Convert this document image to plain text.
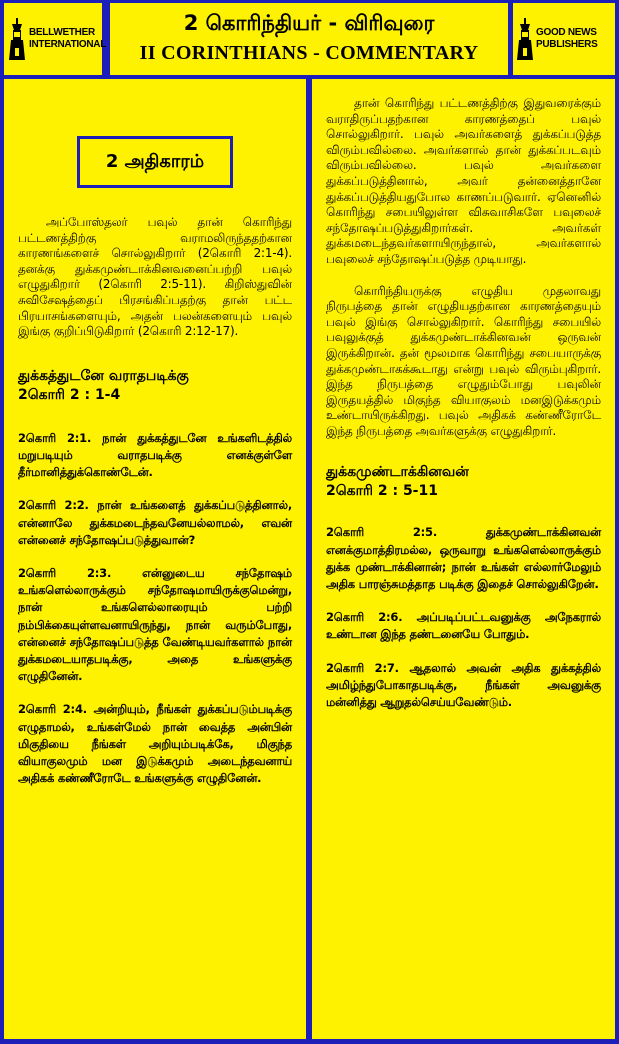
BELLWETHER
INTERNATIONAL
2 கொரிந்தியர் - விரிவுரை
II CORINTHIANS - COMMENTARY
GOOD NEWS
PUBLISHERS
2 அதிகாரம்

அப்போஸ்தலர் பவுல் தான் கொரிந்து பட்டணத்திற்கு வராமலிருந்ததற்கான காரணங்களைச் சொல்லுகிறார் (2கொரி 2:1-4). தனக்கு துக்கமுண்டாக்கினவனைப்பற்றி பவுல் எழுதுகிறார் (2கொரி 2:5-11). கிறிஸ்துவின் சுவிசேஷத்தைப் பிரசங்கிப்பதற்கு தான் பட்ட பிரயாசங்களையும், அதன் பலன்களையும் பவுல் இங்கு குறிப்பிடுகிறார் (2கொரி 2:12-17).

துக்கத்துடனே வராதபடிக்கு

2கொரி 2 : 1-4

2கொரி 2:1. நான் துக்கத்துடனே உங்களிடத்தில் மறுபடியும் வராதபடிக்கு எனக்குள்ளே தீர்மானித்துக்கொண்டேன்.

2கொரி 2:2. நான் உங்களைத் துக்கப்படுத்தினால், என்னாலே துக்கமடைந்தவனேயல்லாமல், எவன் என்னைச் சந்தோஷப்படுத்துவான்?

2கொரி 2:3. என்னுடைய சந்தோஷம் உங்களெல்லாருக்கும் சந்தோஷமாயிருக்குமென்று, நான் உங்களெல்லாரையும் பற்றி நம்பிக்கையுள்ளவனாயிருந்து, நான் வரும்போது, என்னைச் சந்தோஷப்படுத்த வேண்டியவர்களால் நான் துக்கமடையாதபடிக்கு, அதை உங்களுக்கு எழுதினேன்.

2கொரி 2:4. அன்றியும், நீங்கள் துக்கப்படும்படிக்கு எழுதாமல், உங்கள்மேல் நான் வைத்த அன்பின் மிகுதியை நீங்கள் அறியும்படிக்கே, மிகுந்த வியாகுலமும் மன இடுக்கமும் அடைந்தவனாய் அதிகக் கண்ணீரோடே உங்களுக்கு எழுதினேன்.

தான் கொரிந்து பட்டணத்திற்கு இதுவரைக்கும் வராதிருப்பதற்கான காரணத்தைப் பவுல் சொல்லுகிறார். பவுல் அவர்களைத் துக்கப்படுத்த விரும்பவில்லை. அவர்களால் தான் துக்கப்படவும் விரும்பவில்லை. பவுல் அவர்களை துக்கப்படுத்தினால், அவர் தன்னைத்தானே துக்கப்படுத்தியதுபோல காணப்படுவார். ஏனெனில் கொரிந்து சபையிலுள்ள விசுவாசிகளே பவுலைச் சந்தோஷப்படுத்துகிறார்கள். அவர்கள் துக்கமடைந்தவர்களாயிருந்தால், அவர்களால் பவுலைச் சந்தோஷப்படுத்த முடியாது.

கொரிந்தியருக்கு எழுதிய முதலாவது நிருபத்தை தான் எழுதியதற்கான காரணத்தையும் பவுல் இங்கு சொல்லுகிறார். கொரிந்து சபையில் பவுலுக்குத் துக்கமுண்டாக்கினவன் ஒருவன் இருக்கிறான். தன் மூலமாக கொரிந்து சபையாருக்கு துக்கமுண்டாகக்கூடாது என்று பவுல் விரும்புகிறார். இந்த நிருபத்தை எழுதும்போது பவுலின் இருதயத்தில் மிகுந்த வியாகுலம் மனஇடுக்கமும் உண்டாயிருக்கிறது. பவுல் அதிகக் கண்ணீரோடே இந்த நிருபத்தை அவர்களுக்கு எழுதுகிறார்.

துக்கமுண்டாக்கினவன்

2கொரி 2 : 5-11

2கொரி 2:5. துக்கமுண்டாக்கினவன் எனக்குமாத்திரமல்ல, ஒருவாறு உங்களெல்லாருக்கும் துக்க முண்டாக்கினான்; நான் உங்கள் எல்லார்மேலும் அதிக பாரஞ்சுமத்தாத படிக்கு இதைச் சொல்லுகிறேன்.

2கொரி 2:6. அப்படிப்பட்டவனுக்கு அநேகரால் உண்டான இந்த தண்டனையே போதும்.

2கொரி 2:7. ஆதலால் அவன் அதிக துக்கத்தில் அமிழ்ந்துபோகாதபடிக்கு, நீங்கள் அவனுக்கு மன்னித்து ஆறுதல்செய்யவேண்டும்.
